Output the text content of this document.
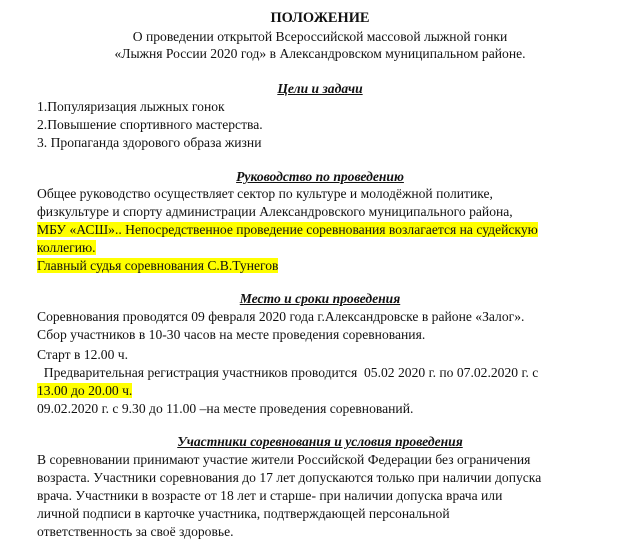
ПОЛОЖЕНИЕ
О проведении открытой Всероссийской массовой лыжной гонки
«Лыжня России 2020 год» в Александровском муниципальном районе.
Цели и задачи
1.Популяризация лыжных гонок
2.Повышение спортивного мастерства.
3. Пропаганда здорового образа жизни
Руководство по проведению
Общее руководство осуществляет сектор по культуре и молодёжной политике,
физкультуре и спорту администрации Александровского муниципального района,
МБУ «АСШ».. Непосредственное проведение соревнования возлагается на судейскую
коллегию.
Главный судья соревнования С.В.Тунегов
Место и сроки проведения
Соревнования проводятся 09 февраля 2020 года г.Александровске в районе «Залог».
Сбор участников в 10-30 часов на месте проведения соревнования.
Старт в 12.00 ч.
Предварительная регистрация участников проводится  05.02 2020 г. по 07.02.2020 г. с
13.00 до 20.00 ч.
09.02.2020 г. с 9.30 до 11.00 –на месте проведения соревнований.
Участники соревнования и условия проведения
В соревновании принимают участие жители Российской Федерации без ограничения
возраста. Участники соревнования до 17 лет допускаются только при наличии допуска
врача. Участники в возрасте от 18 лет и старше- при наличии допуска врача или
личной подписи в карточке участника, подтверждающей персональной
ответственность за своё здоровье.
